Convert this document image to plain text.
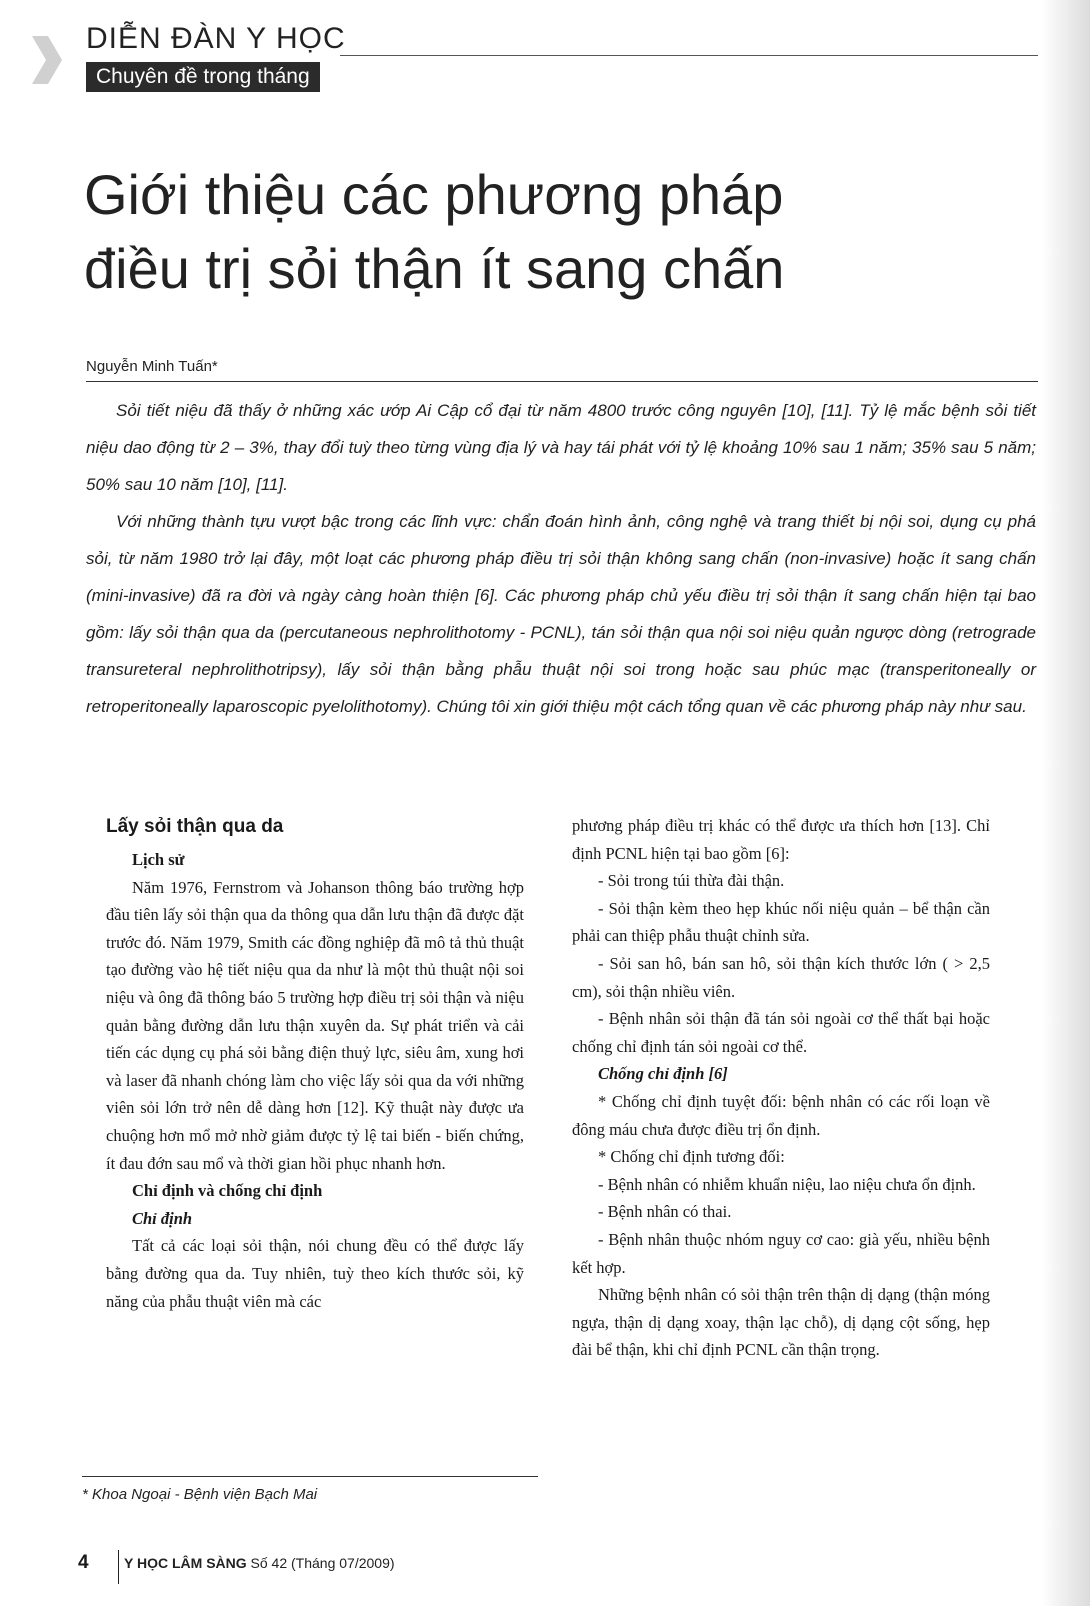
DIỄN ĐÀN Y HỌC
Chuyên đề trong tháng
Giới thiệu các phương pháp
điều trị sỏi thận ít sang chấn
Nguyễn Minh Tuấn*

Sỏi tiết niệu đã thấy ở những xác ướp Ai Cập cổ đại từ năm 4800 trước công nguyên [10], [11]. Tỷ lệ mắc bệnh sỏi tiết niệu dao động từ 2 – 3%, thay đổi tuỳ theo từng vùng địa lý và hay tái phát với tỷ lệ khoảng 10% sau 1 năm; 35% sau 5 năm; 50% sau 10 năm [10], [11].

Với những thành tựu vượt bậc trong các lĩnh vực: chẩn đoán hình ảnh, công nghệ và trang thiết bị nội soi, dụng cụ phá sỏi, từ năm 1980 trở lại đây, một loạt các phương pháp điều trị sỏi thận không sang chấn (non-invasive) hoặc ít sang chấn (mini-invasive) đã ra đời và ngày càng hoàn thiện [6]. Các phương pháp chủ yếu điều trị sỏi thận ít sang chấn hiện tại bao gồm: lấy sỏi thận qua da (percutaneous nephrolithotomy - PCNL), tán sỏi thận qua nội soi niệu quản ngược dòng (retrograde transureteral nephrolithotripsy), lấy sỏi thận bằng phẫu thuật nội soi trong hoặc sau phúc mạc (transperitoneally or retroperitoneally laparoscopic pyelolithotomy). Chúng tôi xin giới thiệu một cách tổng quan về các phương pháp này như sau.

Lấy sỏi thận qua da

Lịch sử

Năm 1976, Fernstrom và Johanson thông báo trường hợp đầu tiên lấy sỏi thận qua da thông qua dẫn lưu thận đã được đặt trước đó. Năm 1979, Smith các đồng nghiệp đã mô tả thủ thuật tạo đường vào hệ tiết niệu qua da như là một thủ thuật nội soi niệu và ông đã thông báo 5 trường hợp điều trị sỏi thận và niệu quản bằng đường dẫn lưu thận xuyên da. Sự phát triển và cải tiến các dụng cụ phá sỏi bằng điện thuỷ lực, siêu âm, xung hơi và laser đã nhanh chóng làm cho việc lấy sỏi qua da với những viên sỏi lớn trở nên dễ dàng hơn [12]. Kỹ thuật này được ưa chuộng hơn mổ mở nhờ giảm được tỷ lệ tai biến - biến chứng, ít đau đớn sau mổ và thời gian hồi phục nhanh hơn.

Chỉ định và chống chỉ định

Chỉ định

Tất cả các loại sỏi thận, nói chung đều có thể được lấy bằng đường qua da. Tuy nhiên, tuỳ theo kích thước sỏi, kỹ năng của phẫu thuật viên mà các

phương pháp điều trị khác có thể được ưa thích hơn [13]. Chỉ định PCNL hiện tại bao gồm [6]:

- Sỏi trong túi thừa đài thận.

- Sỏi thận kèm theo hẹp khúc nối niệu quản – bể thận cần phải can thiệp phẫu thuật chỉnh sửa.

- Sỏi san hô, bán san hô, sỏi thận kích thước lớn ( > 2,5 cm), sỏi thận nhiều viên.

- Bệnh nhân sỏi thận đã tán sỏi ngoài cơ thể thất bại hoặc chống chỉ định tán sỏi ngoài cơ thể.

Chống chỉ định [6]

* Chống chỉ định tuyệt đối: bệnh nhân có các rối loạn về đông máu chưa được điều trị ổn định.

* Chống chỉ định tương đối:

- Bệnh nhân có nhiễm khuẩn niệu, lao niệu chưa ổn định.

- Bệnh nhân có thai.

- Bệnh nhân thuộc nhóm nguy cơ cao: già yếu, nhiều bệnh kết hợp.

Những bệnh nhân có sỏi thận trên thận dị dạng (thận móng ngựa, thận dị dạng xoay, thận lạc chỗ), dị dạng cột sống, hẹp đài bể thận, khi chỉ định PCNL cần thận trọng.

* Khoa Ngoại - Bệnh viện Bạch Mai
4	Y HỌC LÂM SÀNG Số 42 (Tháng 07/2009)
